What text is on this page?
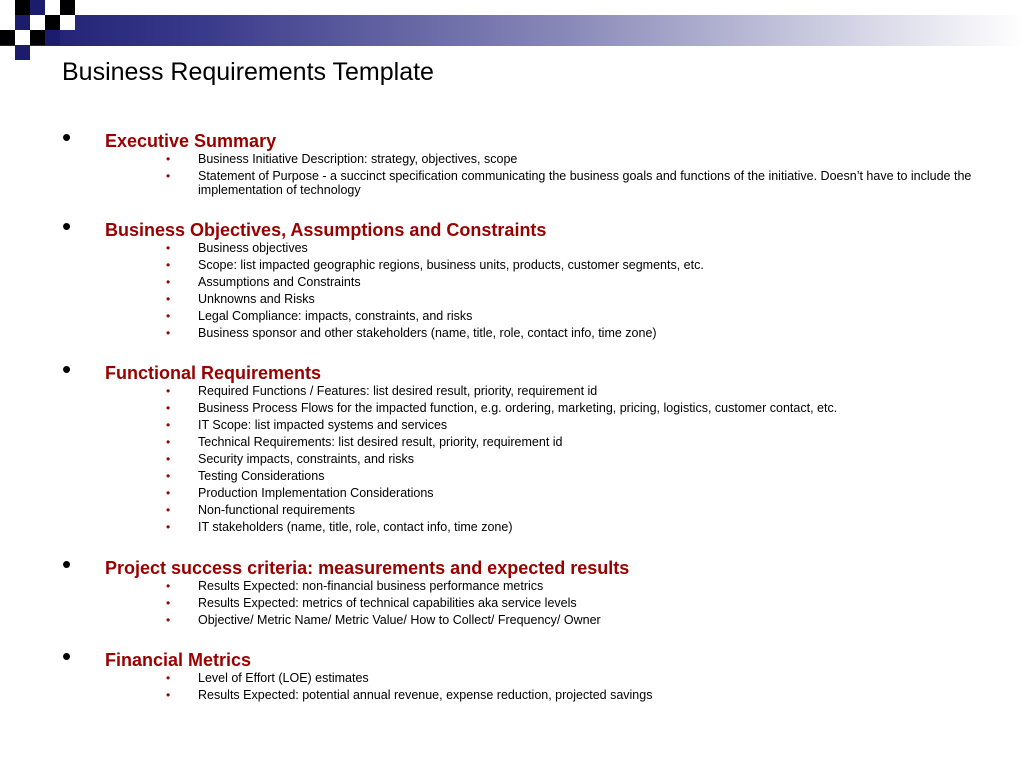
Business Requirements Template
• Executive Summary
• Business Initiative Description: strategy, objectives, scope
• Statement of Purpose - a succinct specification communicating the business goals and functions of the initiative. Doesn’t have to include the implementation of technology
• Business Objectives, Assumptions and Constraints
• Business objectives
• Scope: list impacted geographic regions, business units, products, customer segments, etc.
• Assumptions and Constraints
• Unknowns and Risks
• Legal Compliance: impacts, constraints, and risks
• Business sponsor and other stakeholders (name, title, role, contact info, time zone)
• Functional Requirements
• Required Functions / Features: list desired result, priority, requirement id
• Business Process Flows for the impacted function, e.g. ordering, marketing, pricing, logistics, customer contact, etc.
• IT Scope: list impacted systems and services
• Technical Requirements: list desired result, priority, requirement id
• Security impacts, constraints, and risks
• Testing Considerations
• Production Implementation Considerations
• Non-functional requirements
• IT stakeholders (name, title, role, contact info, time zone)
• Project success criteria: measurements and expected results
• Results Expected: non-financial business performance metrics
• Results Expected: metrics of technical capabilities aka service levels
• Objective/ Metric Name/ Metric Value/ How to Collect/ Frequency/ Owner
• Financial Metrics
• Level of Effort (LOE) estimates
• Results Expected: potential annual revenue, expense reduction, projected savings
